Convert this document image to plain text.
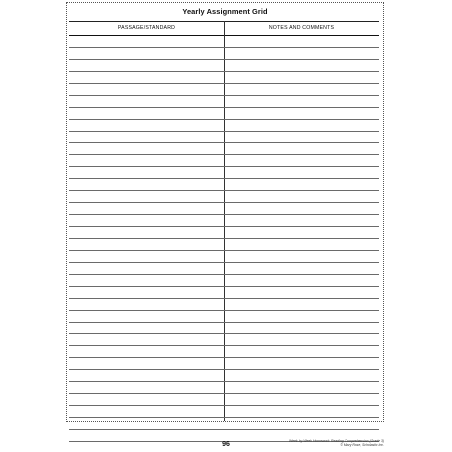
Yearly Assignment Grid
PASSAGE/STANDARD	NOTES AND COMMENTS
96	Week-by-Week Homework: Reading Comprehension (Grade 3)
© Mary Rose, Scholastic Inc.
